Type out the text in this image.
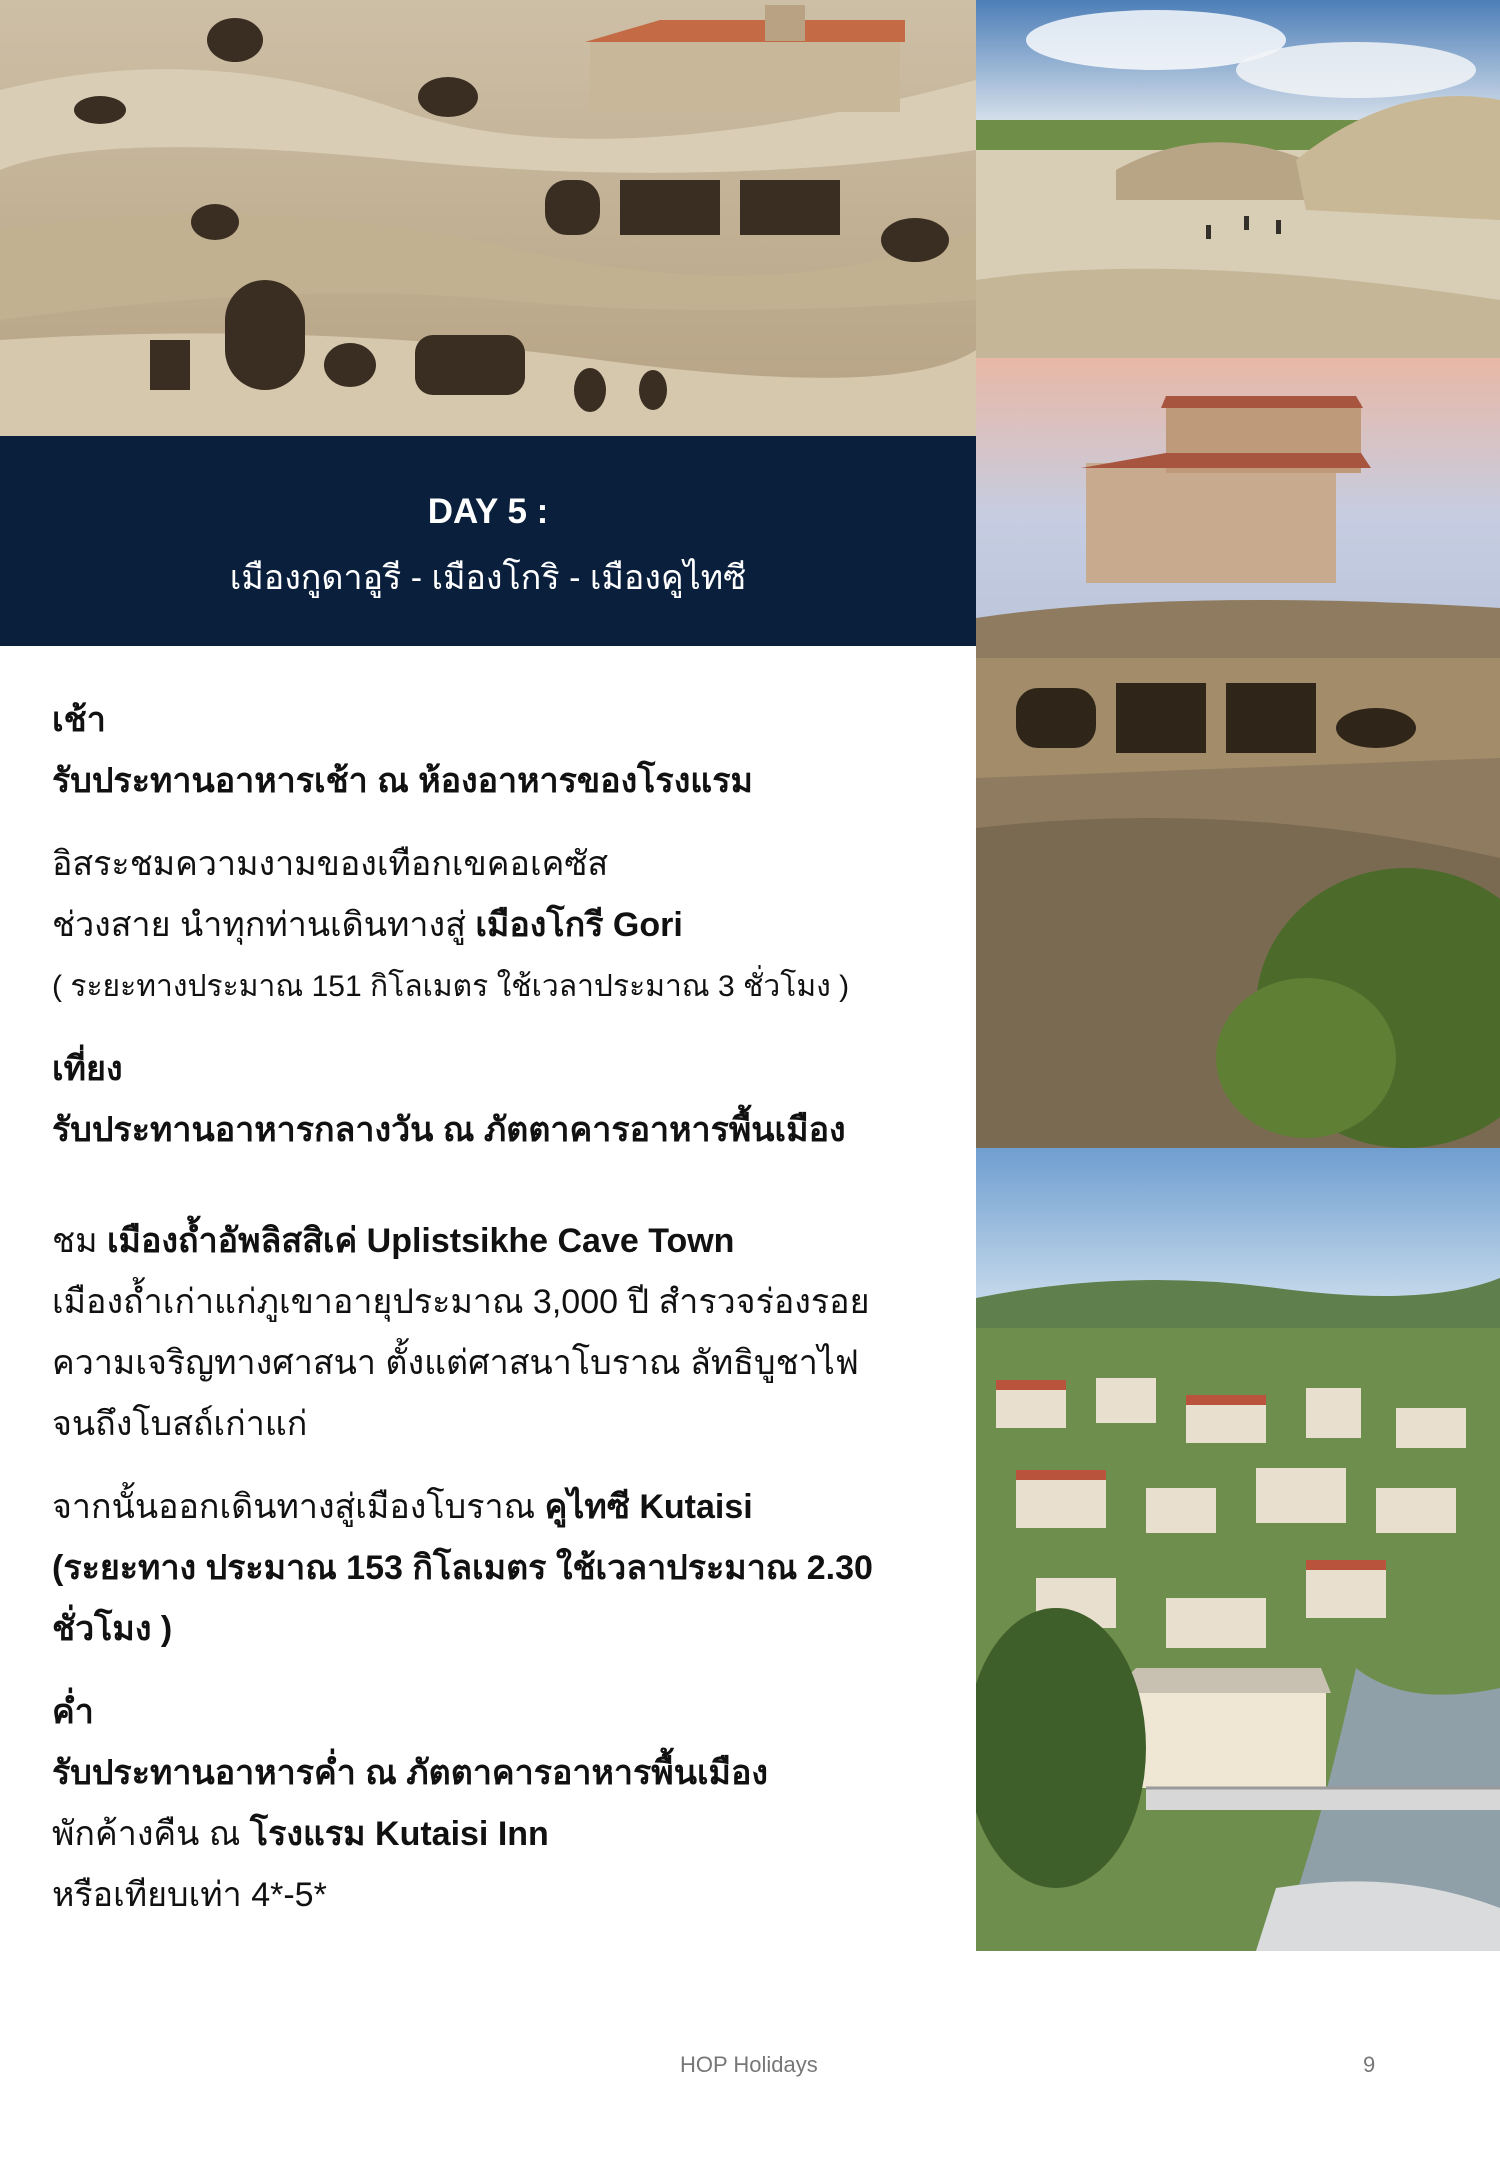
DAY 5 :
เมืองกูดาอูรี - เมืองโกริ - เมืองคูไทซี

เช้า

รับประทานอาหารเช้า ณ ห้องอาหารของโรงแรม

อิสระชมความงามของเทือกเขคอเคซัส

ช่วงสาย นำทุกท่านเดินทางสู่ เมืองโกรี Gori

( ระยะทางประมาณ 151 กิโลเมตร ใช้เวลาประมาณ 3 ชั่วโมง )

เที่ยง

รับประทานอาหารกลางวัน ณ ภัตตาคารอาหารพื้นเมือง

ชม เมืองถ้ำอัพลิสสิเค่ Uplistsikhe Cave Town

เมืองถ้ำเก่าแก่ภูเขาอายุประมาณ 3,000 ปี สำรวจร่องรอย

ความเจริญทางศาสนา ตั้งแต่ศาสนาโบราณ ลัทธิบูชาไฟ

จนถึงโบสถ์เก่าแก่

จากนั้นออกเดินทางสู่เมืองโบราณ คูไทซี Kutaisi

(ระยะทาง ประมาณ 153 กิโลเมตร ใช้เวลาประมาณ 2.30

ชั่วโมง )

ค่ำ

รับประทานอาหารค่ำ ณ ภัตตาคารอาหารพื้นเมือง

พักค้างคืน ณ โรงแรม Kutaisi Inn

หรือเทียบเท่า 4*-5*

HOP Holidays	9
